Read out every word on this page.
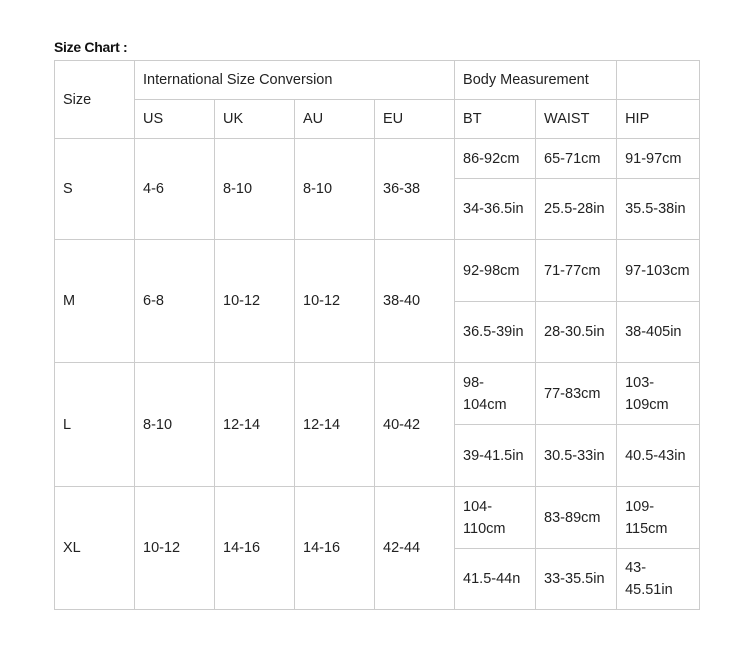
Size Chart :
Size	International Size Conversion				Body Measurement		
	US	UK	AU	EU	BT	WAIST	HIP
S	4-6	8-10	8-10	36-38	86-92cm	65-71cm	91-97cm
					34-36.5in	25.5-28in	35.5-38in
M	6-8	10-12	10-12	38-40	92-98cm	71-77cm	97-103cm
					36.5-39in	28-30.5in	38-405in
L	8-10	12-14	12-14	40-42	98-104cm	77-83cm	103-109cm
					39-41.5in	30.5-33in	40.5-43in
XL	10-12	14-16	14-16	42-44	104-110cm	83-89cm	109-115cm
					41.5-44n	33-35.5in	43-45.51in
